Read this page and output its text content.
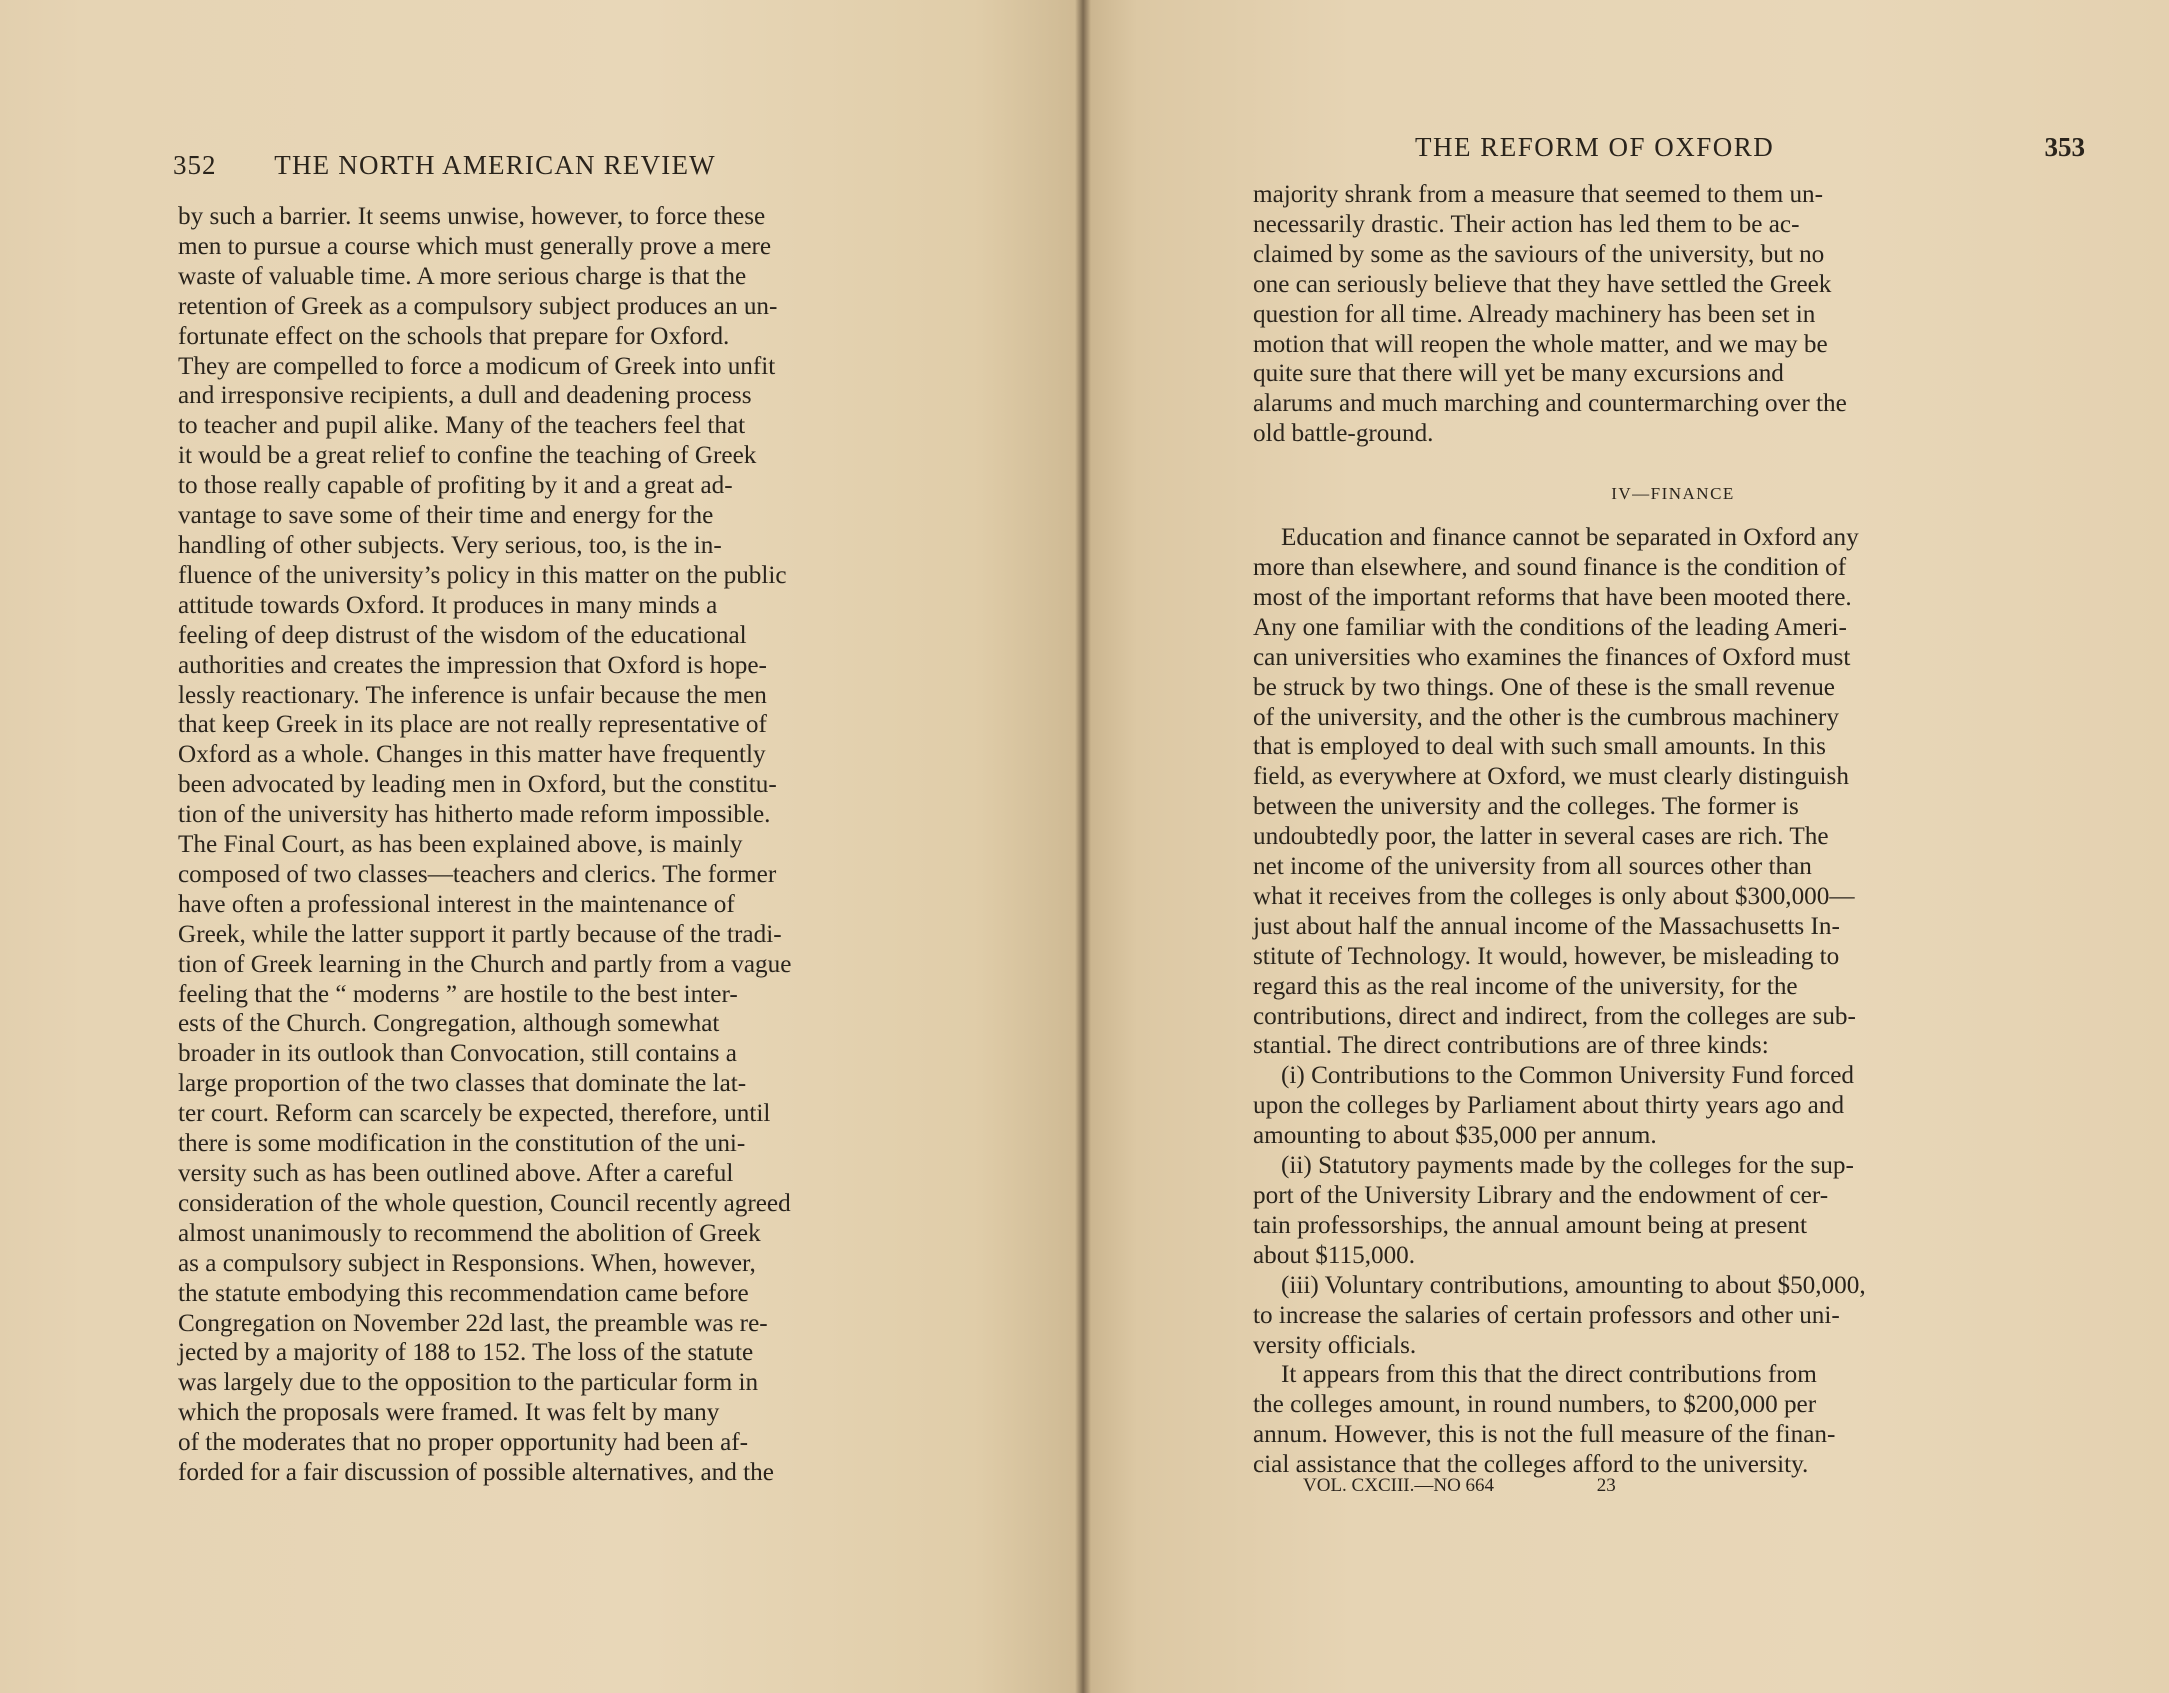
352 THE NORTH AMERICAN REVIEW
by such a barrier. It seems unwise, however, to force these
men to pursue a course which must generally prove a mere
waste of valuable time. A more serious charge is that the
retention of Greek as a compulsory subject produces an un-
fortunate effect on the schools that prepare for Oxford.
They are compelled to force a modicum of Greek into unfit
and irresponsive recipients, a dull and deadening process
to teacher and pupil alike. Many of the teachers feel that
it would be a great relief to confine the teaching of Greek
to those really capable of profiting by it and a great ad-
vantage to save some of their time and energy for the
handling of other subjects. Very serious, too, is the in-
fluence of the university’s policy in this matter on the public
attitude towards Oxford. It produces in many minds a
feeling of deep distrust of the wisdom of the educational
authorities and creates the impression that Oxford is hope-
lessly reactionary. The inference is unfair because the men
that keep Greek in its place are not really representative of
Oxford as a whole. Changes in this matter have frequently
been advocated by leading men in Oxford, but the constitu-
tion of the university has hitherto made reform impossible.
The Final Court, as has been explained above, is mainly
composed of two classes—teachers and clerics. The former
have often a professional interest in the maintenance of
Greek, while the latter support it partly because of the tradi-
tion of Greek learning in the Church and partly from a vague
feeling that the “ moderns ” are hostile to the best inter-
ests of the Church. Congregation, although somewhat
broader in its outlook than Convocation, still contains a
large proportion of the two classes that dominate the lat-
ter court. Reform can scarcely be expected, therefore, until
there is some modification in the constitution of the uni-
versity such as has been outlined above. After a careful
consideration of the whole question, Council recently agreed
almost unanimously to recommend the abolition of Greek
as a compulsory subject in Responsions. When, however,
the statute embodying this recommendation came before
Congregation on November 22d last, the preamble was re-
jected by a majority of 188 to 152. The loss of the statute
was largely due to the opposition to the particular form in
which the proposals were framed. It was felt by many
of the moderates that no proper opportunity had been af-
forded for a fair discussion of possible alternatives, and the
THE REFORM OF OXFORD	353
majority shrank from a measure that seemed to them un-
necessarily drastic. Their action has led them to be ac-
claimed by some as the saviours of the university, but no
one can seriously believe that they have settled the Greek
question for all time. Already machinery has been set in
motion that will reopen the whole matter, and we may be
quite sure that there will yet be many excursions and
alarums and much marching and countermarching over the
old battle-ground.
IV—FINANCE
Education and finance cannot be separated in Oxford any
more than elsewhere, and sound finance is the condition of
most of the important reforms that have been mooted there.
Any one familiar with the conditions of the leading Ameri-
can universities who examines the finances of Oxford must
be struck by two things. One of these is the small revenue
of the university, and the other is the cumbrous machinery
that is employed to deal with such small amounts. In this
field, as everywhere at Oxford, we must clearly distinguish
between the university and the colleges. The former is
undoubtedly poor, the latter in several cases are rich. The
net income of the university from all sources other than
what it receives from the colleges is only about $300,000—
just about half the annual income of the Massachusetts In-
stitute of Technology. It would, however, be misleading to
regard this as the real income of the university, for the
contributions, direct and indirect, from the colleges are sub-
stantial. The direct contributions are of three kinds:
(i) Contributions to the Common University Fund forced
upon the colleges by Parliament about thirty years ago and
amounting to about $35,000 per annum.
(ii) Statutory payments made by the colleges for the sup-
port of the University Library and the endowment of cer-
tain professorships, the annual amount being at present
about $115,000.
(iii) Voluntary contributions, amounting to about $50,000,
to increase the salaries of certain professors and other uni-
versity officials.
It appears from this that the direct contributions from
the colleges amount, in round numbers, to $200,000 per
annum. However, this is not the full measure of the finan-
cial assistance that the colleges afford to the university.
VOL. CXCIII.—NO 664	23
